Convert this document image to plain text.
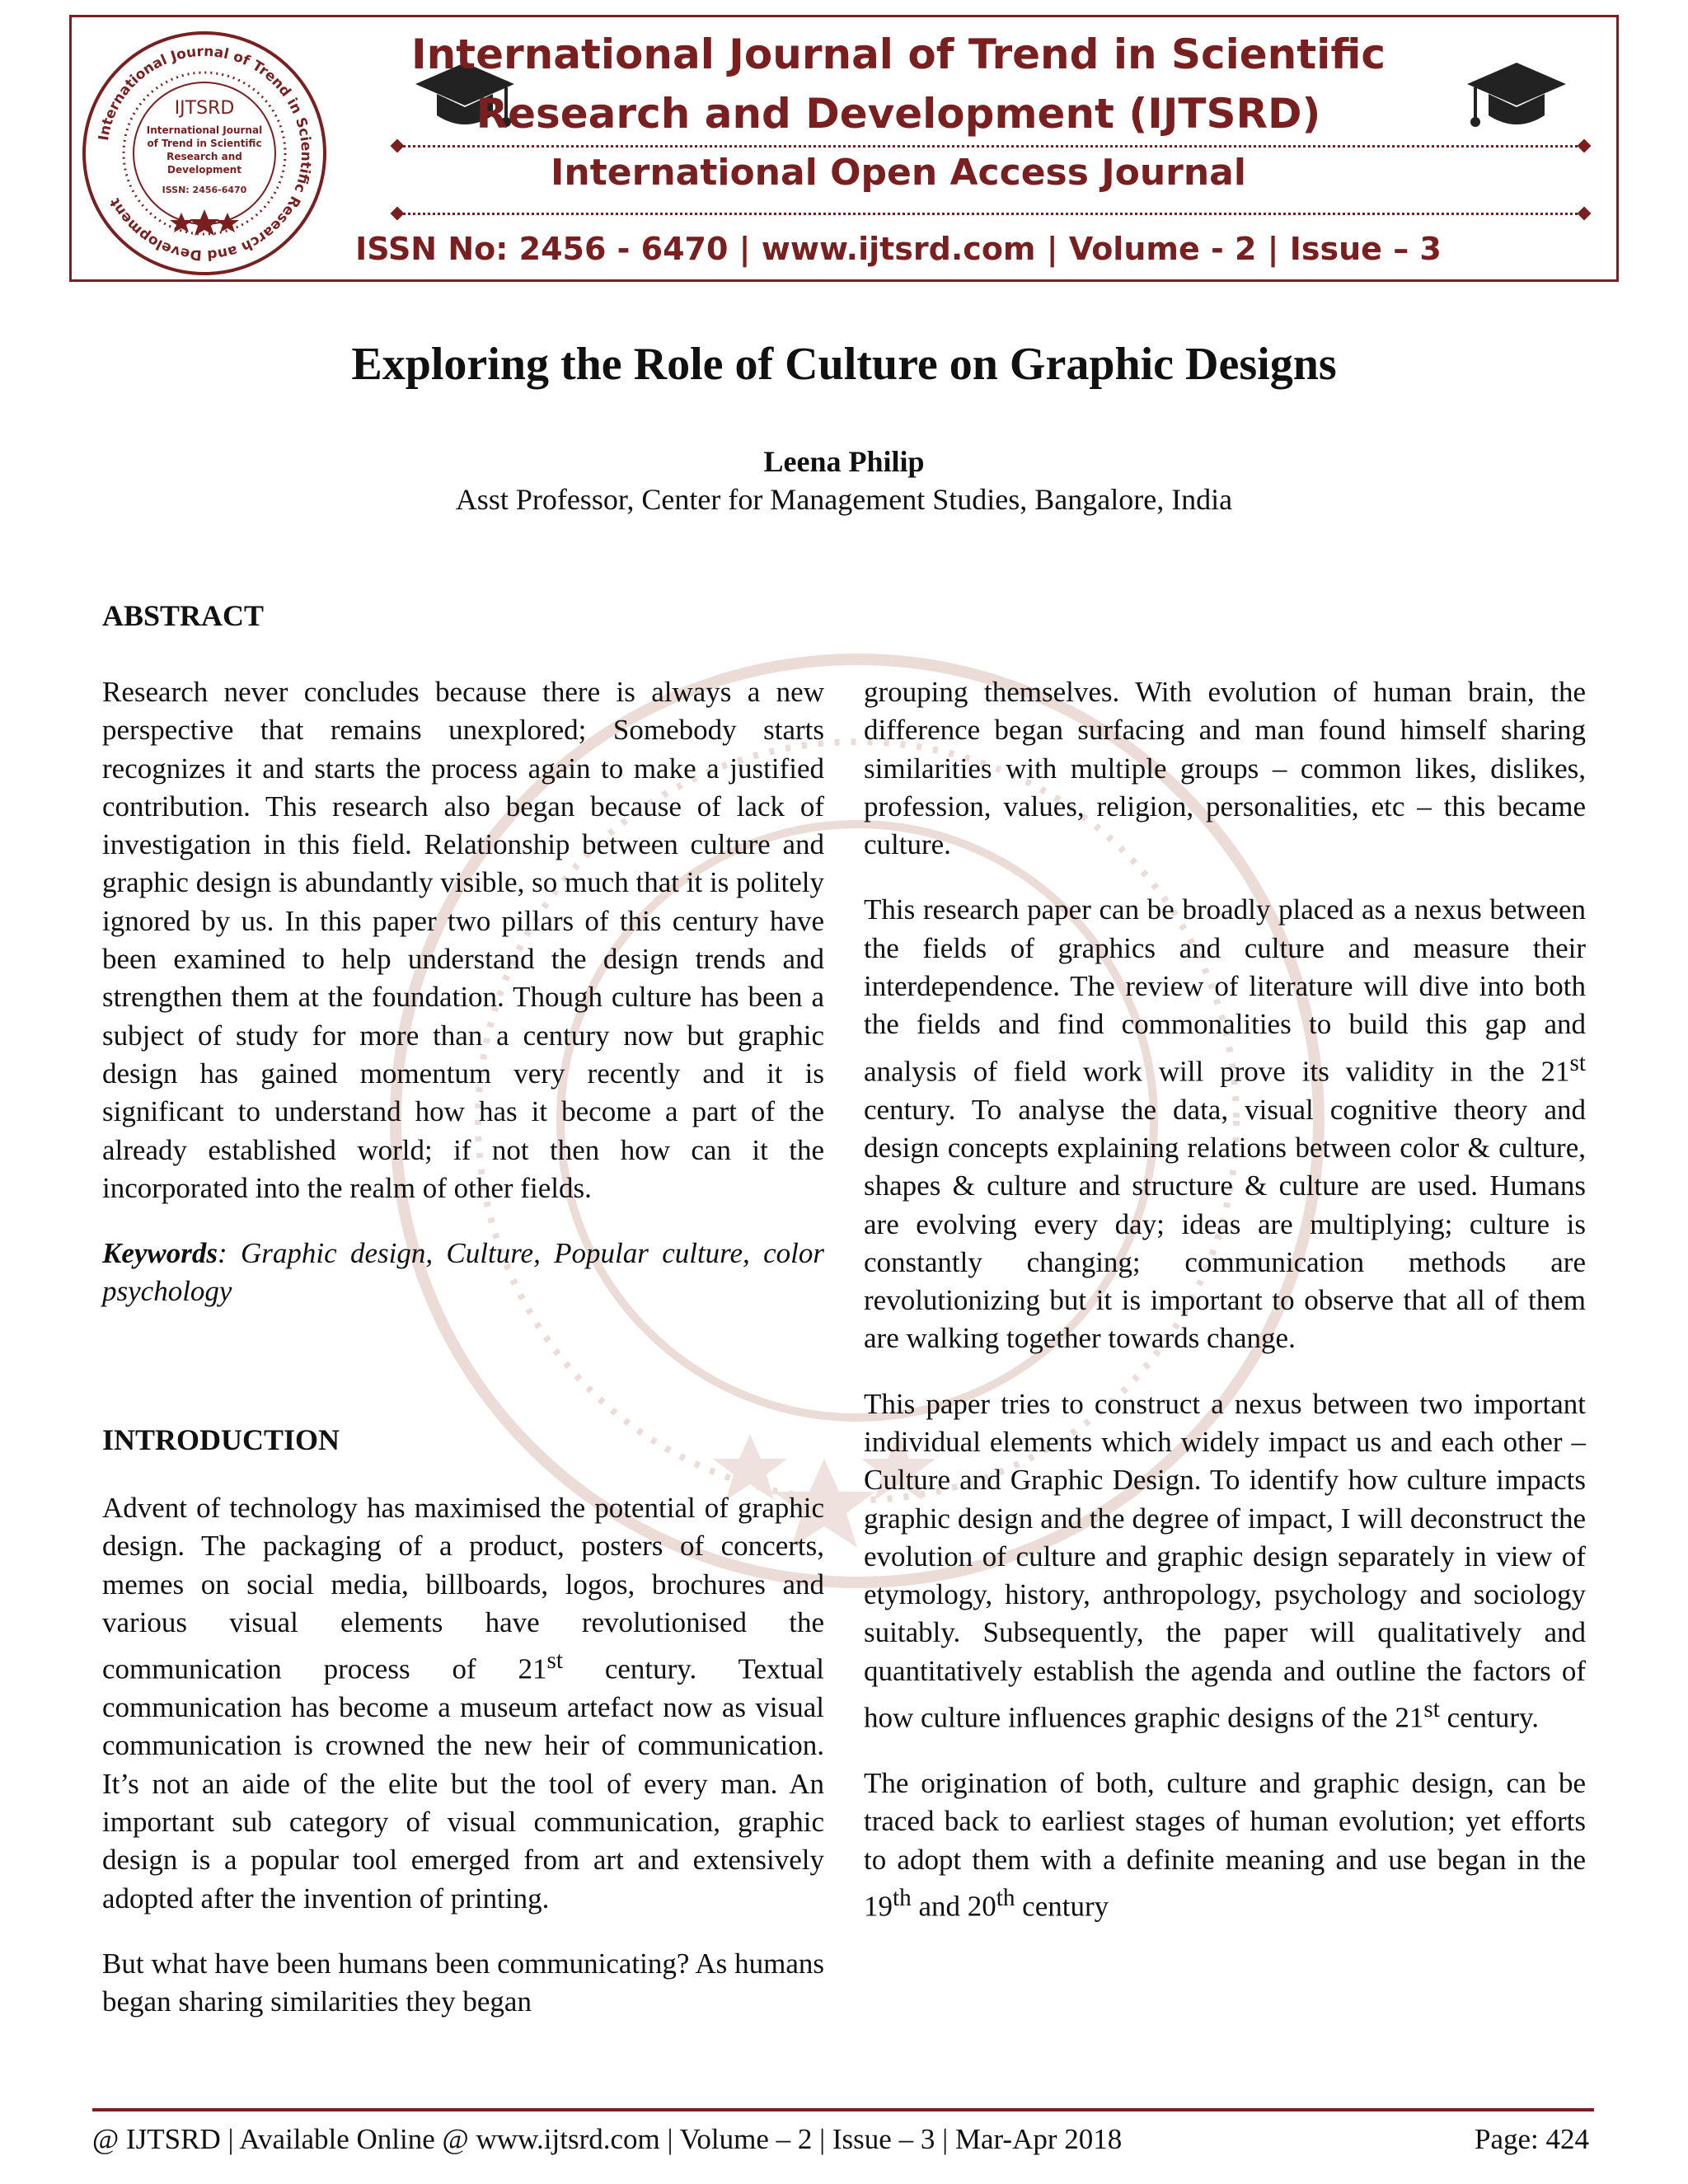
International Journal of Trend in Scientific Research and Development
IJTSRD
International Journal
of Trend in Scientific
Research and
Development
ISSN: 2456-6470
International Journal of Trend in Scientific
Research and Development (IJTSRD)
International Open Access Journal
ISSN No: 2456 - 6470 | www.ijtsrd.com | Volume - 2 | Issue – 3
Exploring the Role of Culture on Graphic Designs
Leena Philip
Asst Professor, Center for Management Studies, Bangalore, India
ABSTRACT

Research never concludes because there is always a new perspective that remains unexplored; Somebody starts recognizes it and starts the process again to make a justified contribution. This research also began because of lack of investigation in this field. Relationship between culture and graphic design is abundantly visible, so much that it is politely ignored by us. In this paper two pillars of this century have been examined to help understand the design trends and strengthen them at the foundation. Though culture has been a subject of study for more than a century now but graphic design has gained momentum very recently and it is significant to understand how has it become a part of the already established world; if not then how can it the incorporated into the realm of other fields.

Keywords: Graphic design, Culture, Popular culture, color psychology

INTRODUCTION

Advent of technology has maximised the potential of graphic design. The packaging of a product, posters of concerts, memes on social media, billboards, logos, brochures and various visual elements have revolutionised the communication process of 21st century. Textual communication has become a museum artefact now as visual communication is crowned the new heir of communication. It’s not an aide of the elite but the tool of every man. An important sub category of visual communication, graphic design is a popular tool emerged from art and extensively adopted after the invention of printing.

But what have been humans been communicating? As humans began sharing similarities they began

grouping themselves. With evolution of human brain, the difference began surfacing and man found himself sharing similarities with multiple groups – common likes, dislikes, profession, values, religion, personalities, etc – this became culture.

This research paper can be broadly placed as a nexus between the fields of graphics and culture and measure their interdependence. The review of literature will dive into both the fields and find commonalities to build this gap and analysis of field work will prove its validity in the 21st century. To analyse the data, visual cognitive theory and design concepts explaining relations between color & culture, shapes & culture and structure & culture are used. Humans are evolving every day; ideas are multiplying; culture is constantly changing; communication methods are revolutionizing but it is important to observe that all of them are walking together towards change.

This paper tries to construct a nexus between two important individual elements which widely impact us and each other – Culture and Graphic Design. To identify how culture impacts graphic design and the degree of impact, I will deconstruct the evolution of culture and graphic design separately in view of etymology, history, anthropology, psychology and sociology suitably. Subsequently, the paper will qualitatively and quantitatively establish the agenda and outline the factors of how culture influences graphic designs of the 21st century.

The origination of both, culture and graphic design, can be traced back to earliest stages of human evolution; yet efforts to adopt them with a definite meaning and use began in the 19th and 20th century

@ IJTSRD | Available Online @ www.ijtsrd.com | Volume – 2 | Issue – 3 | Mar-Apr 2018	Page: 424
